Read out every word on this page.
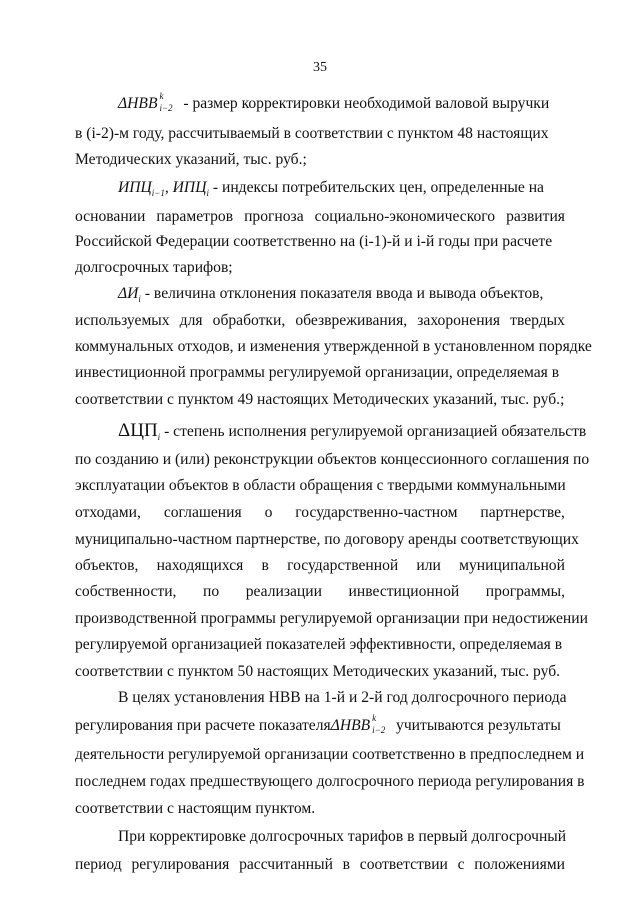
35
ΔНВВ k
i−2 - размер корректировки необходимой валовой выручки
в (i-2)-м году, рассчитываемый в соответствии с пунктом 48 настоящих
Методических указаний, тыс. руб.;
$ИПЦ_{i-1}$, $ИПЦ_i$ - индексы потребительских цен, определенные на
основании параметров прогноза социально-экономического развития
Российской Федерации соответственно на (i-1)-й и i-й годы при расчете
долгосрочных тарифов;
$\Delta И_i$ - величина отклонения показателя ввода и вывода объектов,
используемых для обработки, обезвреживания, захоронения твердых
коммунальных отходов, и изменения утвержденной в установленном порядке
инвестиционной программы регулируемой организации, определяемая в
соответствии с пунктом 49 настоящих Методических указаний, тыс. руб.;
$\Delta ЦП_i$ - степень исполнения регулируемой организацией обязательств
по созданию и (или) реконструкции объектов концессионного соглашения по
эксплуатации объектов в области обращения с твердыми коммунальными
отходами, соглашения о государственно-частном партнерстве,
муниципально-частном партнерстве, по договору аренды соответствующих
объектов, находящихся в государственной или муниципальной
собственности, по реализации инвестиционной программы,
производственной программы регулируемой организации при недостижении
регулируемой организацией показателей эффективности, определяемая в
соответствии с пунктом 50 настоящих Методических указаний, тыс. руб.
В целях установления НВВ на 1-й и 2-й год долгосрочного периода
регулирования при расчете показателяΔНВВ k
i−2 учитываются результаты
деятельности регулируемой организации соответственно в предпоследнем и
последнем годах предшествующего долгосрочного периода регулирования в
соответствии с настоящим пунктом.
При корректировке долгосрочных тарифов в первый долгосрочный
период регулирования рассчитанный в соответствии с положениями
